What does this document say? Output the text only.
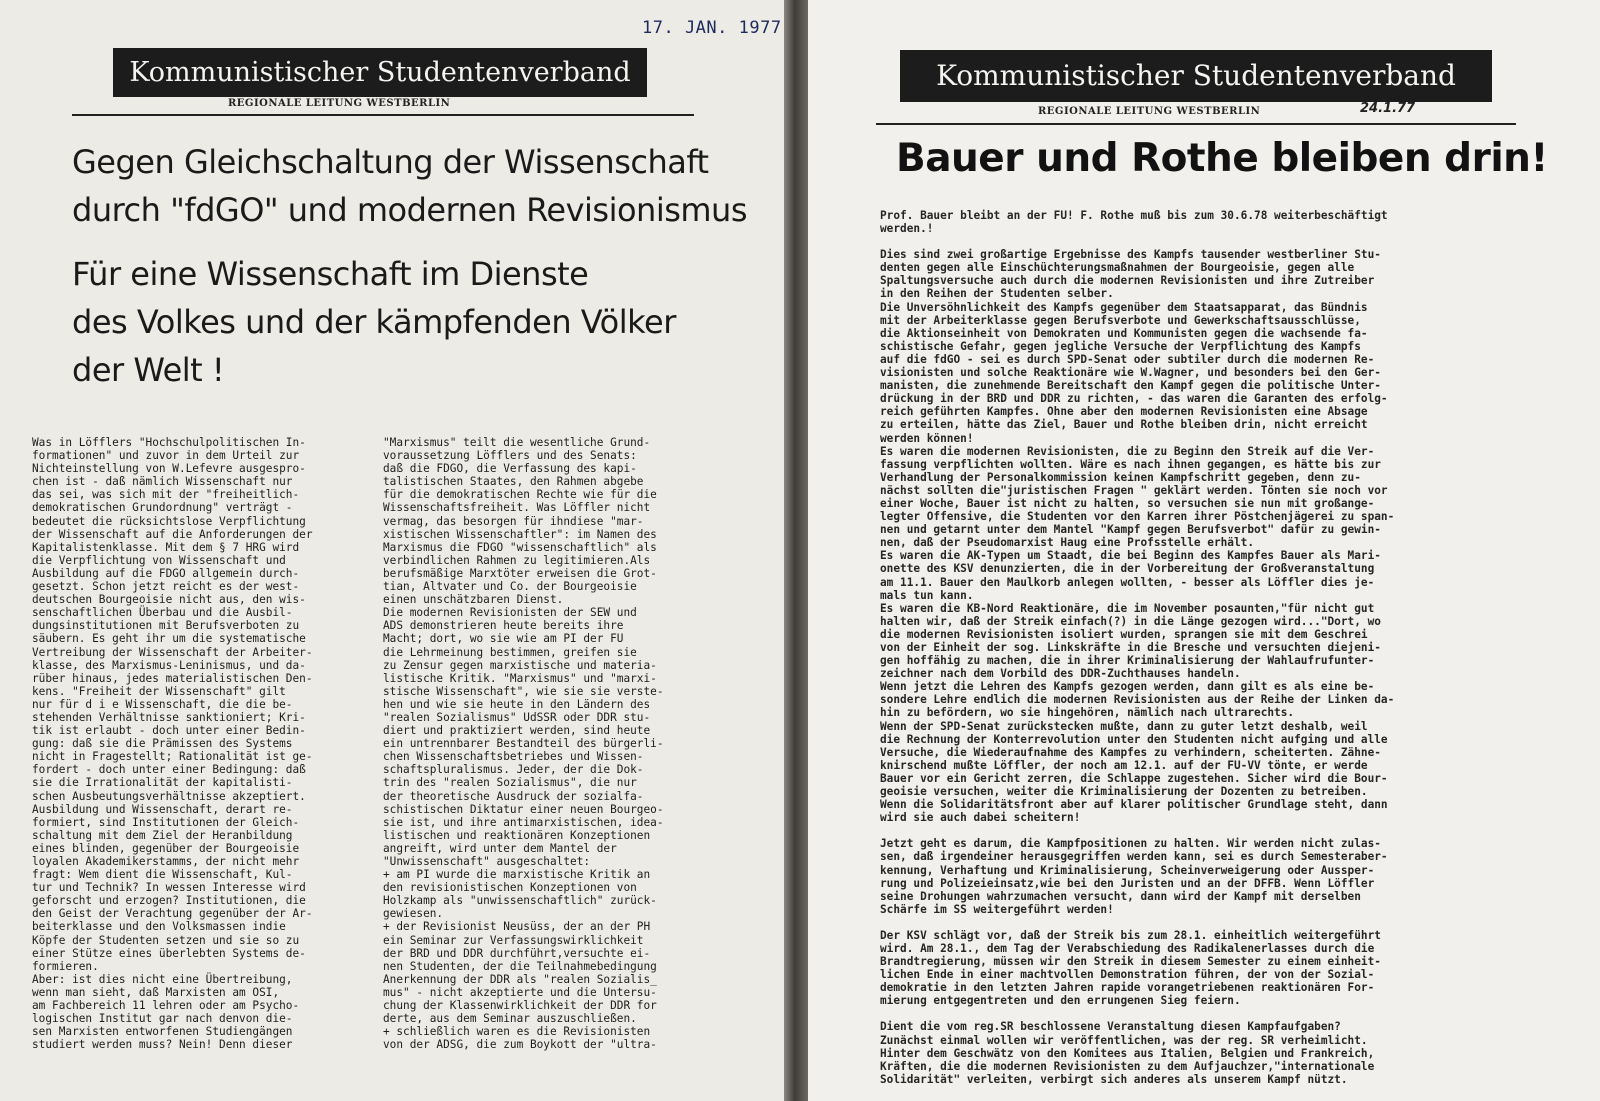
17. JAN. 1977
Kommunistischer Studentenverband
REGIONALE LEITUNG WESTBERLIN
Gegen Gleichschaltung der Wissenschaft
durch "fdGO" und modernen Revisionismus
Für eine Wissenschaft im Dienste
des Volkes und der kämpfenden Völker
der Welt !
Was in Löfflers "Hochschulpolitischen In-
formationen" und zuvor in dem Urteil zur
Nichteinstellung von W.Lefevre ausgespro-
chen ist - daß nämlich Wissenschaft nur
das sei, was sich mit der "freiheitlich-
demokratischen Grundordnung" verträgt -
bedeutet die rücksichtslose Verpflichtung
der Wissenschaft auf die Anforderungen der
Kapitalistenklasse. Mit dem § 7 HRG wird
die Verpflichtung von Wissenschaft und
Ausbildung auf die FDGO allgemein durch-
gesetzt. Schon jetzt reicht es der west-
deutschen Bourgeoisie nicht aus, den wis-
senschaftlichen Überbau und die Ausbil-
dungsinstitutionen mit Berufsverboten zu
säubern. Es geht ihr um die systematische
Vertreibung der Wissenschaft der Arbeiter-
klasse, des Marxismus-Leninismus, und da-
rüber hinaus, jedes materialistischen Den-
kens. "Freiheit der Wissenschaft" gilt
nur für d i e Wissenschaft, die die be-
stehenden Verhältnisse sanktioniert; Kri-
tik ist erlaubt - doch unter einer Bedin-
gung: daß sie die Prämissen des Systems
nicht in Fragestellt; Rationalität ist ge-
fordert - doch unter einer Bedingung: daß
sie die Irrationalität der kapitalisti-
schen Ausbeutungsverhältnisse akzeptiert.
Ausbildung und Wissenschaft, derart re-
formiert, sind Institutionen der Gleich-
schaltung mit dem Ziel der Heranbildung
eines blinden, gegenüber der Bourgeoisie
loyalen Akademikerstamms, der nicht mehr
fragt: Wem dient die Wissenschaft, Kul-
tur und Technik? In wessen Interesse wird
geforscht und erzogen? Institutionen, die
den Geist der Verachtung gegenüber der Ar-
beiterklasse und den Volksmassen indie
Köpfe der Studenten setzen und sie so zu
einer Stütze eines überlebten Systems de-
formieren.
Aber: ist dies nicht eine Übertreibung,
wenn man sieht, daß Marxisten am OSI,
am Fachbereich 11 lehren oder am Psycho-
logischen Institut gar nach denvon die-
sen Marxisten entworfenen Studiengängen
studiert werden muss? Nein! Denn dieser
"Marxismus" teilt die wesentliche Grund-
voraussetzung Löfflers und des Senats:
daß die FDGO, die Verfassung des kapi-
talistischen Staates, den Rahmen abgebe
für die demokratischen Rechte wie für die
Wissenschaftsfreiheit. Was Löffler nicht
vermag, das besorgen für ihndiese "mar-
xistischen Wissenschaftler": im Namen des
Marxismus die FDGO "wissenschaftlich" als
verbindlichen Rahmen zu legitimieren.Als
berufsmäßige Marxtöter erweisen die Grot-
tian, Altvater und Co. der Bourgeoisie
einen unschätzbaren Dienst.
Die modernen Revisionisten der SEW und
ADS demonstrieren heute bereits ihre
Macht; dort, wo sie wie am PI der FU
die Lehrmeinung bestimmen, greifen sie
zu Zensur gegen marxistische und materia-
listische Kritik. "Marxismus" und "marxi-
stische Wissenschaft", wie sie sie verste-
hen und wie sie heute in den Ländern des
"realen Sozialismus" UdSSR oder DDR stu-
diert und praktiziert werden, sind heute
ein untrennbarer Bestandteil des bürgerli-
chen Wissenschaftsbetriebes und Wissen-
schaftspluralismus. Jeder, der die Dok-
trin des "realen Sozialismus", die nur
der theoretische Ausdruck der sozialfa-
schistischen Diktatur einer neuen Bourgeo-
sie ist, und ihre antimarxistischen, idea-
listischen und reaktionären Konzeptionen
angreift, wird unter dem Mantel der
"Unwissenschaft" ausgeschaltet:
+ am PI wurde die marxistische Kritik an
den revisionistischen Konzeptionen von
Holzkamp als "unwissenschaftlich" zurück-
gewiesen.
+ der Revisionist Neusüss, der an der PH
ein Seminar zur Verfassungswirklichkeit
der BRD und DDR durchführt,versuchte ei-
nen Studenten, der die Teilnahmebedingung
Anerkennung der DDR als "realen Sozialis_
mus" - nicht akzeptierte und die Untersu-
chung der Klassenwirklichkeit der DDR for
derte, aus dem Seminar auszuschließen.
+ schließlich waren es die Revisionisten
von der ADSG, die zum Boykott der "ultra-
Kommunistischer Studentenverband
REGIONALE LEITUNG WESTBERLIN	24.1.77
Bauer und Rothe bleiben drin!
Prof. Bauer bleibt an der FU! F. Rothe muß bis zum 30.6.78 weiterbeschäftigt
werden.!
Dies sind zwei großartige Ergebnisse des Kampfs tausender westberliner Stu-
denten gegen alle Einschüchterungsmaßnahmen der Bourgeoisie, gegen alle
Spaltungsversuche auch durch die modernen Revisionisten und ihre Zutreiber
in den Reihen der Studenten selber.
Die Unversöhnlichkeit des Kampfs gegenüber dem Staatsapparat, das Bündnis
mit der Arbeiterklasse gegen Berufsverbote und Gewerkschaftsausschlüsse,
die Aktionseinheit von Demokraten und Kommunisten gegen die wachsende fa-
schistische Gefahr, gegen jegliche Versuche der Verpflichtung des Kampfs
auf die fdGO - sei es durch SPD-Senat oder subtiler durch die modernen Re-
visionisten und solche Reaktionäre wie W.Wagner, und besonders bei den Ger-
manisten, die zunehmende Bereitschaft den Kampf gegen die politische Unter-
drückung in der BRD und DDR zu richten, - das waren die Garanten des erfolg-
reich geführten Kampfes. Ohne aber den modernen Revisionisten eine Absage
zu erteilen, hätte das Ziel, Bauer und Rothe bleiben drin, nicht erreicht
werden können!
Es waren die modernen Revisionisten, die zu Beginn den Streik auf die Ver-
fassung verpflichten wollten. Wäre es nach ihnen gegangen, es hätte bis zur
Verhandlung der Personalkommission keinen Kampfschritt gegeben, denn zu-
nächst sollten die"juristischen Fragen " geklärt werden. Tönten sie noch vor
einer Woche, Bauer ist nicht zu halten, so versuchen sie nun mit großange-
legter Offensive, die Studenten vor den Karren ihrer Pöstchenjägerei zu span-
nen und getarnt unter dem Mantel "Kampf gegen Berufsverbot" dafür zu gewin-
nen, daß der Pseudomarxist Haug eine Profsstelle erhält.
Es waren die AK-Typen um Staadt, die bei Beginn des Kampfes Bauer als Mari-
onette des KSV denunzierten, die in der Vorbereitung der Großveranstaltung
am 11.1. Bauer den Maulkorb anlegen wollten, - besser als Löffler dies je-
mals tun kann.
Es waren die KB-Nord Reaktionäre, die im November posaunten,"für nicht gut
halten wir, daß der Streik einfach(?) in die Länge gezogen wird..."Dort, wo
die modernen Revisionisten isoliert wurden, sprangen sie mit dem Geschrei
von der Einheit der sog. Linkskräfte in die Bresche und versuchten diejeni-
gen hoffähig zu machen, die in ihrer Kriminalisierung der Wahlaufrufunter-
zeichner nach dem Vorbild des DDR-Zuchthauses handeln.
Wenn jetzt die Lehren des Kampfs gezogen werden, dann gilt es als eine be-
sondere Lehre endlich die modernen Revisionisten aus der Reihe der Linken da-
hin zu befördern, wo sie hingehören, nämlich nach ultrarechts.
Wenn der SPD-Senat zurückstecken mußte, dann zu guter letzt deshalb, weil
die Rechnung der Konterrevolution unter den Studenten nicht aufging und alle
Versuche, die Wiederaufnahme des Kampfes zu verhindern, scheiterten. Zähne-
knirschend mußte Löffler, der noch am 12.1. auf der FU-VV tönte, er werde
Bauer vor ein Gericht zerren, die Schlappe zugestehen. Sicher wird die Bour-
geoisie versuchen, weiter die Kriminalisierung der Dozenten zu betreiben.
Wenn die Solidaritätsfront aber auf klarer politischer Grundlage steht, dann
wird sie auch dabei scheitern!
Jetzt geht es darum, die Kampfpositionen zu halten. Wir werden nicht zulas-
sen, daß irgendeiner herausgegriffen werden kann, sei es durch Semesteraber-
kennung, Verhaftung und Kriminalisierung, Scheinverweigerung oder Aussper-
rung und Polizeieinsatz,wie bei den Juristen und an der DFFB. Wenn Löffler
seine Drohungen wahrzumachen versucht, dann wird der Kampf mit derselben
Schärfe im SS weitergeführt werden!
Der KSV schlägt vor, daß der Streik bis zum 28.1. einheitlich weitergeführt
wird. Am 28.1., dem Tag der Verabschiedung des Radikalenerlasses durch die
Brandtregierung, müssen wir den Streik in diesem Semester zu einem einheit-
lichen Ende in einer machtvollen Demonstration führen, der von der Sozial-
demokratie in den letzten Jahren rapide vorangetriebenen reaktionären For-
mierung entgegentreten und den errungenen Sieg feiern.
Dient die vom reg.SR beschlossene Veranstaltung diesen Kampfaufgaben?
Zunächst einmal wollen wir veröffentlichen, was der reg. SR verheimlicht.
Hinter dem Geschwätz von den Komitees aus Italien, Belgien und Frankreich,
Kräften, die die modernen Revisionisten zu dem Aufjauchzer,"internationale
Solidarität" verleiten, verbirgt sich anderes als unserem Kampf nützt.
